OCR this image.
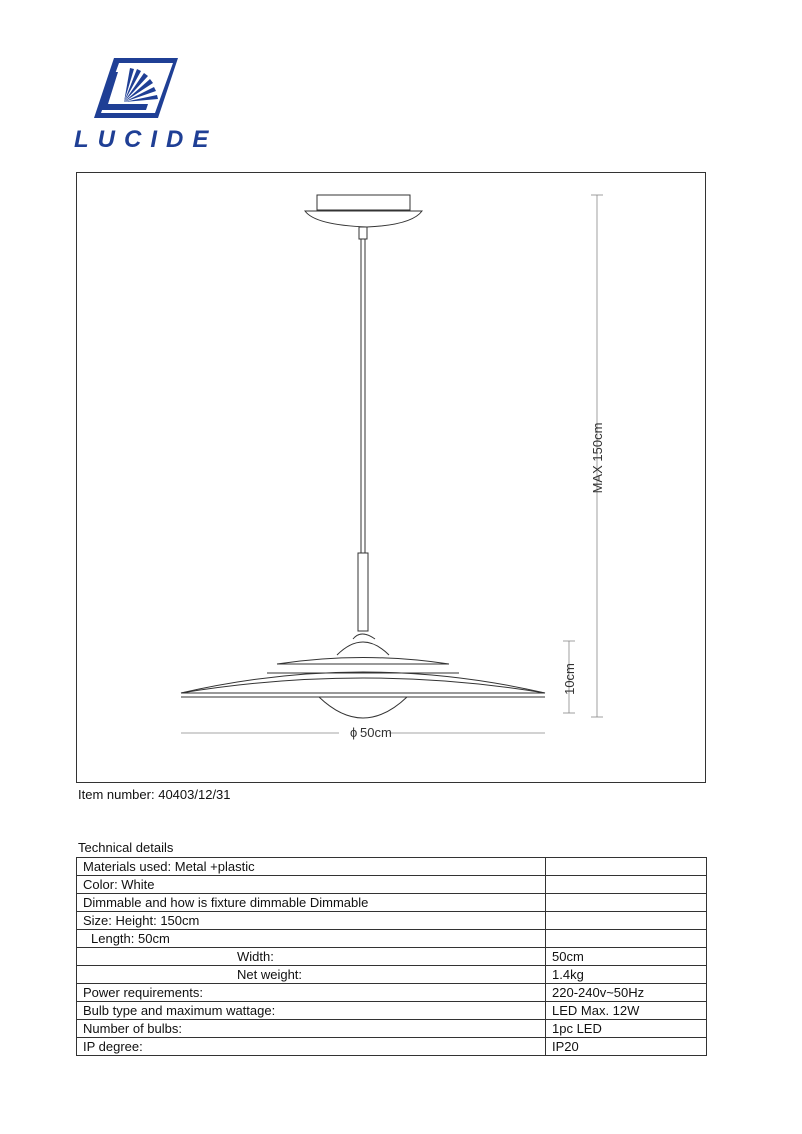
LUCIDE
MAX 150cm
10cm
ϕ 50cm
Item number: 40403/12/31
Technical details
Materials used: Metal +plastic	
Color: White	
Dimmable and how is fixture dimmable Dimmable	
Size: Height: 150cm	
Length: 50cm	
Width:	50cm
Net weight:	1.4kg
Power requirements:	220-240v~50Hz
Bulb type and maximum wattage:	LED Max. 12W
Number of bulbs:	1pc LED
IP degree:	IP20
